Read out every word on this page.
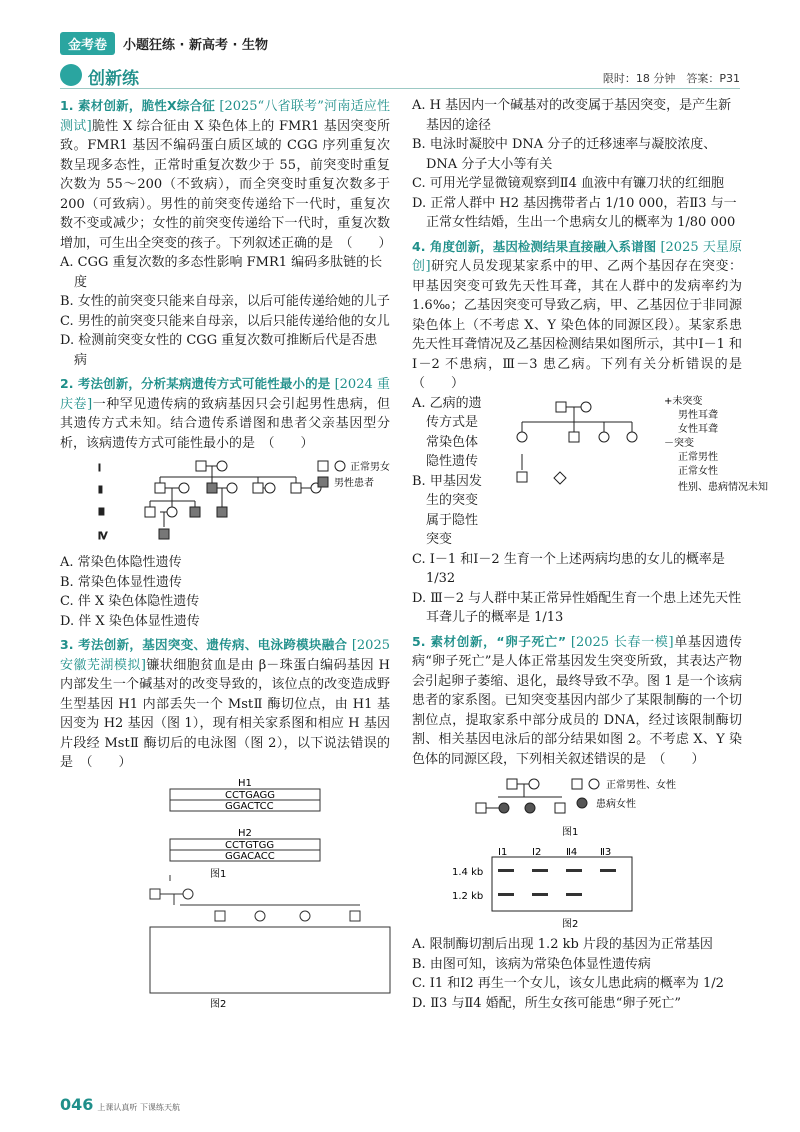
金考卷	小题狂练 · 新高考 · 生物
创新练	限时：18 分钟　答案：P31

1. 素材创新，脆性X综合征 [2025“八省联考”河南适应性测试]脆性 X 综合征由 X 染色体上的 FMR1 基因突变所致。FMR1 基因不编码蛋白质区域的 CGG 序列重复次数呈现多态性，正常时重复次数少于 55，前突变时重复次数为 55～200（不致病），而全突变时重复次数多于 200（可致病）。男性的前突变传递给下一代时，重复次数不变或减少；女性的前突变传递给下一代时，重复次数增加，可生出全突变的孩子。下列叙述正确的是　（　　）

A. CGG 重复次数的多态性影响 FMR1 编码多肽链的长度
B. 女性的前突变只能来自母亲，以后可能传递给她的儿子
C. 男性的前突变只能来自母亲，以后只能传递给他的女儿
D. 检测前突变女性的 CGG 重复次数可推断后代是否患病

2. 考法创新，分析某病遗传方式可能性最小的是 [2024 重庆卷]一种罕见遗传病的致病基因只会引起男性患病，但其遗传方式未知。结合遗传系谱图和患者父亲基因型分析，该病遗传方式可能性最小的是　（　　）

Ⅰ
Ⅱ
Ⅲ
Ⅳ
正常男女
男性患者
A. 常染色体隐性遗传
B. 常染色体显性遗传
C. 伴 X 染色体隐性遗传
D. 伴 X 染色体显性遗传

3. 考法创新，基因突变、遗传病、电泳跨模块融合 [2025 安徽芜湖模拟]镰状细胞贫血是由 β－珠蛋白编码基因 H 内部发生一个碱基对的改变导致的，该位点的改变造成野生型基因 H1 内部丢失一个 MstⅡ 酶切位点，由 H1 基因变为 H2 基因（图 1），现有相关家系图和相应 H 基因片段经 MstⅡ 酶切后的电泳图（图 2），以下说法错误的是　（　　）

H1
CCTGAGG
GGACTCC
H2
CCTGTGG
GGACACC
图1
图2
A. H 基因内一个碱基对的改变属于基因突变，是产生新基因的途径
B. 电泳时凝胶中 DNA 分子的迁移速率与凝胶浓度、DNA 分子大小等有关
C. 可用光学显微镜观察到Ⅱ4 血液中有镰刀状的红细胞
D. 正常人群中 H2 基因携带者占 1/10 000，若Ⅱ3 与一正常女性结婚，生出一个患病女儿的概率为 1/80 000

4. 角度创新，基因检测结果直接融入系谱图 [2025 天星原创]研究人员发现某家系中的甲、乙两个基因存在突变：甲基因突变可致先天性耳聋，其在人群中的发病率约为 1.6‰；乙基因突变可导致乙病，甲、乙基因位于非同源染色体上（不考虑 X、Y 染色体的同源区段）。某家系患先天性耳聋情况及乙基因检测结果如图所示，其中Ⅰ－1 和Ⅰ－2 不患病，Ⅲ－3 患乙病。下列有关分析错误的是　（　　）

A. 乙病的遗传方式是常染色体隐性遗传
B. 甲基因发生的突变属于隐性突变
+未突变
男性耳聋
女性耳聋
－突变
正常男性
正常女性
性别、患病情况未知
C. Ⅰ－1 和Ⅰ－2 生育一个上述两病均患的女儿的概率是 1/32
D. Ⅲ－2 与人群中某正常异性婚配生育一个患上述先天性耳聋儿子的概率是 1/13

5. 素材创新，“卵子死亡” [2025 长春一模]单基因遗传病“卵子死亡”是人体正常基因发生突变所致，其表达产物会引起卵子萎缩、退化，最终导致不孕。图 1 是一个该病患者的家系图。已知突变基因内部少了某限制酶的一个切割位点，提取家系中部分成员的 DNA，经过该限制酶切割、相关基因电泳后的部分结果如图 2。不考虑 X、Y 染色体的同源区段，下列相关叙述错误的是　（　　）

正常男性、女性
患病女性
图1
Ⅰ1 Ⅰ2 Ⅱ4 Ⅱ3
1.4 kb
1.2 kb
图2
A. 限制酶切割后出现 1.2 kb 片段的基因为正常基因
B. 由图可知，该病为常染色体显性遗传病
C. Ⅰ1 和Ⅰ2 再生一个女儿，该女儿患此病的概率为 1/2
D. Ⅱ3 与Ⅱ4 婚配，所生女孩可能患“卵子死亡”
046 上课认真听 下课练天航
